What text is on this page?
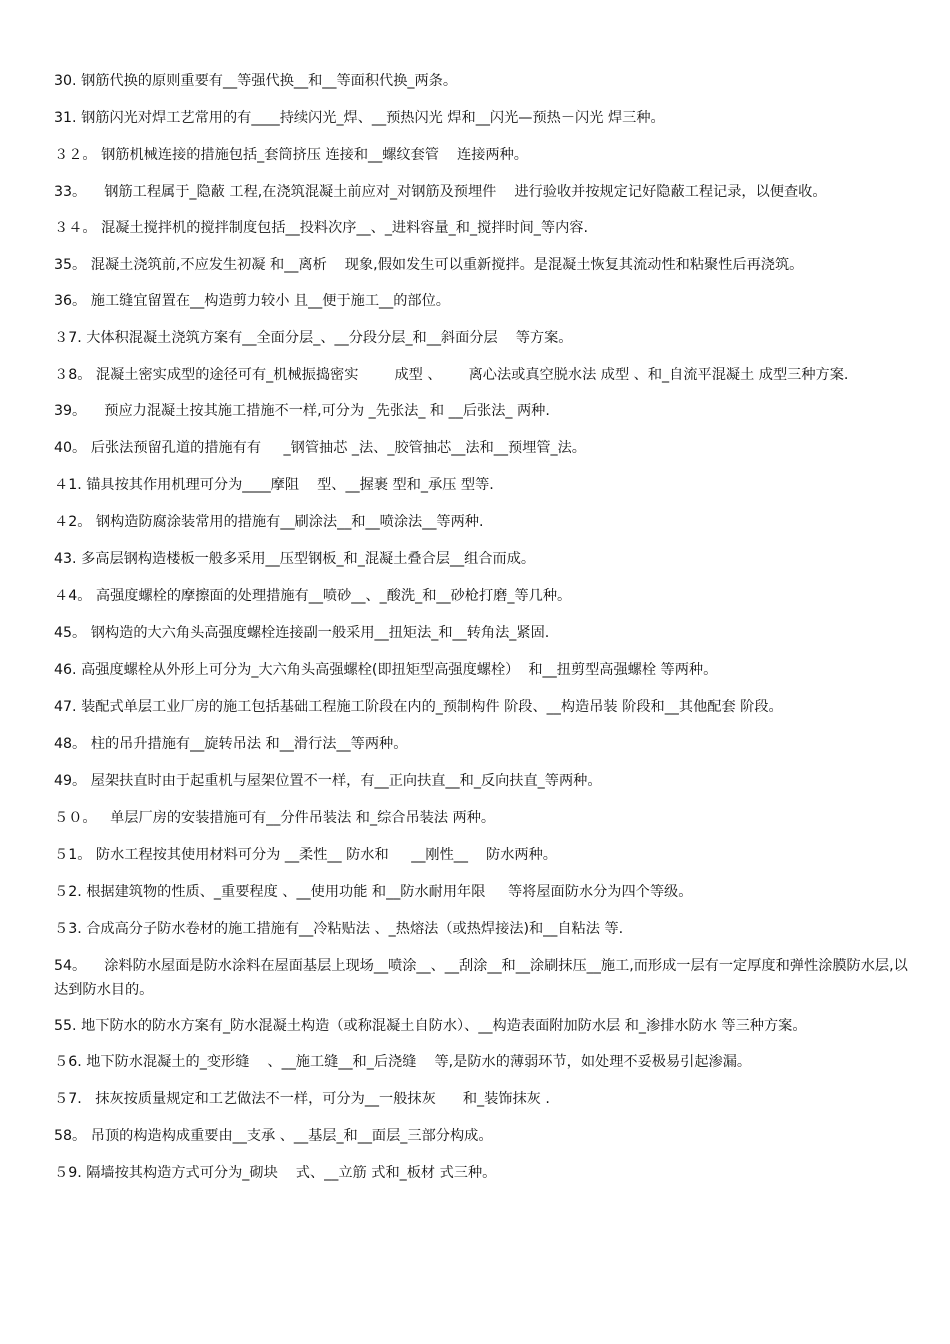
30. 钢筋代换的原则重要有__等强代换__和__等面积代换_两条。
31. 钢筋闪光对焊工艺常用的有____持续闪光_焊、__预热闪光 焊和__闪光—预热－闪光 焊三种。
３２。 钢筋机械连接的措施包括_套筒挤压 连接和__螺纹套管    连接两种。
33。    钢筋工程属于_隐蔽 工程,在浇筑混凝土前应对_对钢筋及预埋件    进行验收并按规定记好隐蔽工程记录，以便查收。
３４。 混凝土搅拌机的搅拌制度包括__投料次序__、_进料容量_和_搅拌时间_等内容.
35。 混凝土浇筑前,不应发生初凝 和__离析    现象,假如发生可以重新搅拌。是混凝土恢复其流动性和粘聚性后再浇筑。
36。 施工缝宜留置在__构造剪力较小 且__便于施工__的部位。
３7. 大体积混凝土浇筑方案有__全面分层_、__分段分层_和__斜面分层    等方案。
３8。 混凝土密实成型的途径可有_机械振捣密实        成型 、      离心法或真空脱水法 成型 、和_自流平混凝土 成型三种方案.
39。    预应力混凝土按其施工措施不一样,可分为 _先张法_ 和 __后张法_ 两种.
40。 后张法预留孔道的措施有有     _钢管抽芯 _法、_胶管抽芯__法和__预埋管_法。
４1. 锚具按其作用机理可分为____摩阻    型、__握裹 型和_承压 型等.
４2。 钢构造防腐涂装常用的措施有__刷涂法__和__喷涂法__等两种.
43. 多高层钢构造楼板一般多采用__压型钢板_和_混凝土叠合层__组合而成。
４4。 高强度螺栓的摩擦面的处理措施有__喷砂__、_酸洗_和__砂枪打磨_等几种。
45。 钢构造的大六角头高强度螺栓连接副一般采用__扭矩法_和__转角法_紧固.
46. 高强度螺栓从外形上可分为_大六角头高强螺栓(即扭矩型高强度螺栓）  和__扭剪型高强螺栓 等两种。
47. 装配式单层工业厂房的施工包括基础工程施工阶段在内的_预制构件 阶段、__构造吊装 阶段和__其他配套 阶段。
48。 柱的吊升措施有__旋转吊法 和__滑行法__等两种。
49。 屋架扶直时由于起重机与屋架位置不一样，有__正向扶直__和_反向扶直_等两种。
５０。   单层厂房的安装措施可有__分件吊装法 和_综合吊装法 两种。
５1。 防水工程按其使用材料可分为 __柔性__ 防水和     __刚性__    防水两种。
５2. 根据建筑物的性质、_重要程度 、__使用功能 和__防水耐用年限     等将屋面防水分为四个等级。
５3. 合成高分子防水卷材的施工措施有__冷粘贴法 、_热熔法（或热焊接法)和__自粘法 等.
54。    涂料防水屋面是防水涂料在屋面基层上现场__喷涂__、__刮涂__和__涂刷抹压__施工,而形成一层有一定厚度和弹性涂膜防水层,以达到防水目的。
55. 地下防水的防水方案有_防水混凝土构造（或称混凝土自防水）、__构造表面附加防水层 和_渗排水防水 等三种方案。
５6. 地下防水混凝土的_变形缝    、__施工缝__和_后浇缝    等,是防水的薄弱环节，如处理不妥极易引起渗漏。
５7.   抹灰按质量规定和工艺做法不一样，可分为__一般抹灰      和_装饰抹灰 .
58。 吊顶的构造构成重要由__支承 、__基层_和__面层_三部分构成。
５9. 隔墙按其构造方式可分为_砌块    式、__立筋 式和_板材 式三种。
